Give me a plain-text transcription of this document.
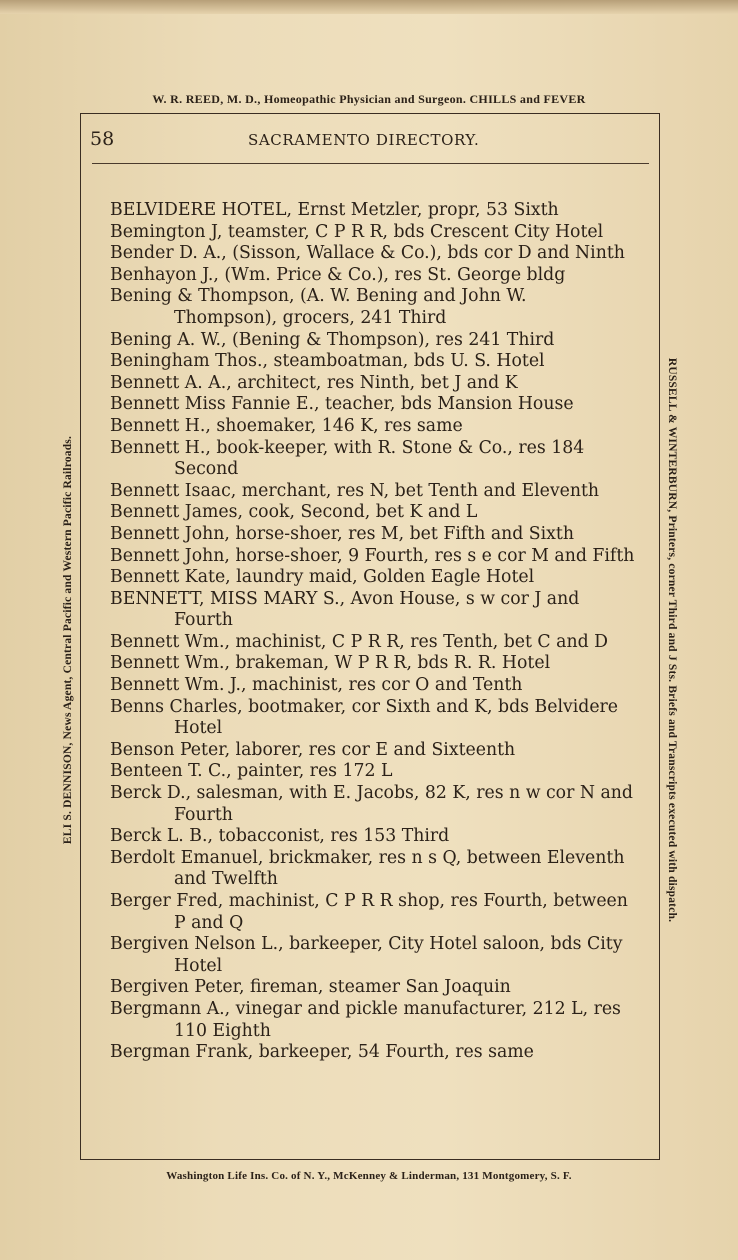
W. R. REED, M. D., Homeopathic Physician and Surgeon. CHILLS and FEVER
ELI S. DENNISON, News Agent, Central Pacific and Western Pacific Railroads.	RUSSELL & WINTERBURN, Printers, corner Third and J Sts. Briefs and Transcripts executed with dispatch.
58	SACRAMENTO DIRECTORY.
BELVIDERE HOTEL, Ernst Metzler, propr, 53 Sixth
Bemington J, teamster, C P R R, bds Crescent City Hotel
Bender D. A., (Sisson, Wallace & Co.), bds cor D and Ninth
Benhayon J., (Wm. Price & Co.), res St. George bldg
Bening & Thompson, (A. W. Bening and John W. Thompson), grocers, 241 Third
Bening A. W., (Bening & Thompson), res 241 Third
Beningham Thos., steamboatman, bds U. S. Hotel
Bennett A. A., architect, res Ninth, bet J and K
Bennett Miss Fannie E., teacher, bds Mansion House
Bennett H., shoemaker, 146 K, res same
Bennett H., book-keeper, with R. Stone & Co., res 184 Second
Bennett Isaac, merchant, res N, bet Tenth and Eleventh
Bennett James, cook, Second, bet K and L
Bennett John, horse-shoer, res M, bet Fifth and Sixth
Bennett John, horse-shoer, 9 Fourth, res s e cor M and Fifth
Bennett Kate, laundry maid, Golden Eagle Hotel
BENNETT, MISS MARY S., Avon House, s w cor J and Fourth
Bennett Wm., machinist, C P R R, res Tenth, bet C and D
Bennett Wm., brakeman, W P R R, bds R. R. Hotel
Bennett Wm. J., machinist, res cor O and Tenth
Benns Charles, bootmaker, cor Sixth and K, bds Belvidere Hotel
Benson Peter, laborer, res cor E and Sixteenth
Benteen T. C., painter, res 172 L
Berck D., salesman, with E. Jacobs, 82 K, res n w cor N and Fourth
Berck L. B., tobacconist, res 153 Third
Berdolt Emanuel, brickmaker, res n s Q, between Eleventh and Twelfth
Berger Fred, machinist, C P R R shop, res Fourth, between P and Q
Bergiven Nelson L., barkeeper, City Hotel saloon, bds City Hotel
Bergiven Peter, fireman, steamer San Joaquin
Bergmann A., vinegar and pickle manufacturer, 212 L, res 110 Eighth
Bergman Frank, barkeeper, 54 Fourth, res same
Washington Life Ins. Co. of N. Y., McKenney & Linderman, 131 Montgomery, S. F.
